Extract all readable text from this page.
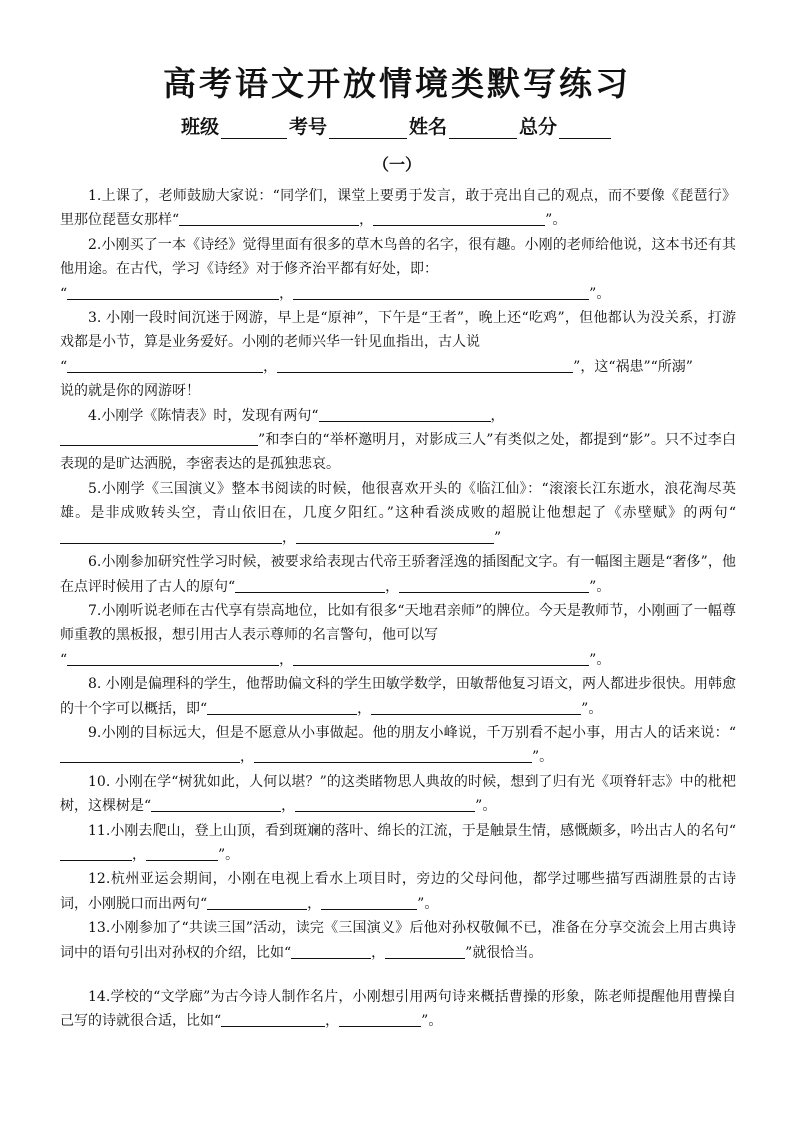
高考语文开放情境类默写练习
班级	考号	姓名	总分
（一）
1.上课了，老师鼓励大家说：“同学们，课堂上要勇于发言，敢于亮出自己的观点，而不要像《琵琶行》里那位琵琶女那样“	，	”。
2.小刚买了一本《诗经》觉得里面有很多的草木鸟兽的名字，很有趣。小刚的老师给他说，这本书还有其他用途。在古代，学习《诗经》对于修齐治平都有好处，即：
“	，	”。
3. 小刚一段时间沉迷于网游，早上是“原神”，下午是“王者”，晚上还“吃鸡”，但他都认为没关系，打游戏都是小节，算是业务爱好。小刚的老师兴华一针见血指出，古人说
“	，	”，这“祸患”“所溺”
说的就是你的网游呀！
4.小刚学《陈情表》时，发现有两句“	，
”和李白的“举杯邀明月，对影成三人”有类似之处，都提到“影”。只不过李白表现的是旷达洒脱，李密表达的是孤独悲哀。
5.小刚学《三国演义》整本书阅读的时候，他很喜欢开头的《临江仙》：“滚滚长江东逝水，浪花淘尽英雄。是非成败转头空，青山依旧在，几度夕阳红。”这种看淡成败的超脱让他想起了《赤壁赋》的两句“，	”
6.小刚参加研究性学习时候，被要求给表现古代帝王骄奢淫逸的插图配文字。有一幅图主题是“奢侈”，他在点评时候用了古人的原句“	，	”。
7.小刚听说老师在古代享有崇高地位，比如有很多“天地君亲师”的牌位。今天是教师节，小刚画了一幅尊师重教的黑板报，想引用古人表示尊师的名言警句，他可以写
“	，	”。
8. 小刚是偏理科的学生，他帮助偏文科的学生田敏学数学，田敏帮他复习语文，两人都进步很快。用韩愈的十个字可以概括，即“	，	”。
9.小刚的目标远大，但是不愿意从小事做起。他的朋友小峰说，千万别看不起小事，用古人的话来说：“，	”。
10. 小刚在学“树犹如此，人何以堪？”的这类睹物思人典故的时候，想到了归有光《项脊轩志》中的枇杷树，这棵树是“	，	”。
11.小刚去爬山，登上山顶，看到斑斓的落叶、绵长的江流，于是触景生情，感慨颇多，吟出古人的名句“，	”。
12.杭州亚运会期间，小刚在电视上看水上项目时，旁边的父母问他，都学过哪些描写西湖胜景的古诗词，小刚脱口而出两句“	，	”。
13.小刚参加了“共读三国”活动，读完《三国演义》后他对孙权敬佩不已，准备在分享交流会上用古典诗词中的语句引出对孙权的介绍，比如“	，	”就很恰当。
14.学校的“文学廊”为古今诗人制作名片，小刚想引用两句诗来概括曹操的形象，陈老师提醒他用曹操自己写的诗就很合适，比如“	，	”。
